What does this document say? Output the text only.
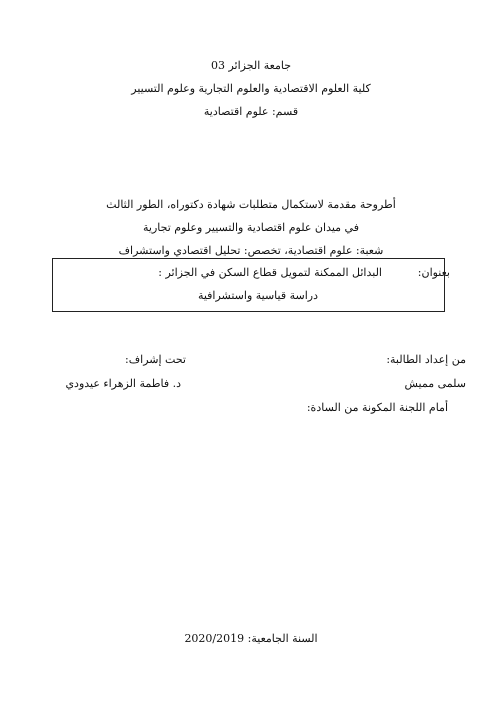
جامعة الجزائر 03
كلية العلوم الاقتصادية والعلوم التجارية وعلوم التسيير
قسم: علوم اقتصادية
أطروحة مقدمة لاستكمال متطلبات شهادة دكتوراه، الطور الثالث
في ميدان علوم اقتصادية والتسيير وعلوم تجارية
شعبة: علوم اقتصادية، تخصص: تحليل اقتصادي واستشراف
بعنوان:
البدائل الممكنة لتمويل قطاع السكن في الجزائر :
دراسة قياسية واستشرافية
من إعداد الطالبة:
تحت إشراف:
سلمى مميش
د. فاطمة الزهراء عيدودي
أمام اللجنة المكونة من السادة:
السنة الجامعية: 2020/2019
